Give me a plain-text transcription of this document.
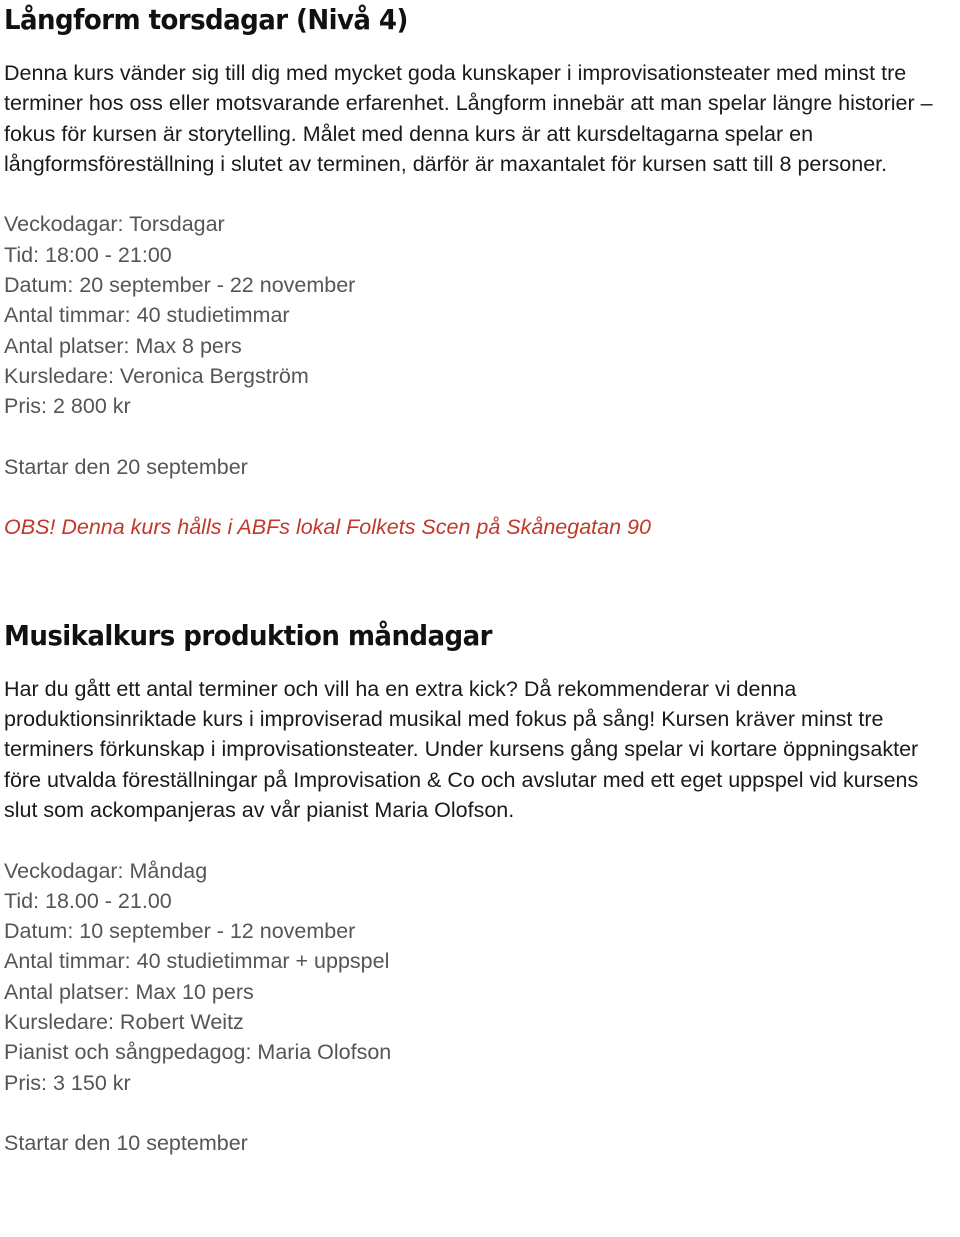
Långform torsdagar (Nivå 4)

Denna kurs vänder sig till dig med mycket goda kunskaper i improvisationsteater med minst tre terminer hos oss eller motsvarande erfarenhet. Långform innebär att man spelar längre historier – fokus för kursen är storytelling. Målet med denna kurs är att kursdeltagarna spelar en långformsföreställning i slutet av terminen, därför är maxantalet för kursen satt till 8 personer.

Veckodagar: Torsdagar
Tid: 18:00 - 21:00
Datum: 20 september - 22 november
Antal timmar: 40 studietimmar
Antal platser: Max 8 pers
Kursledare: Veronica Bergström
Pris: 2 800 kr
Startar den 20 september
OBS! Denna kurs hålls i ABFs lokal Folkets Scen på Skånegatan 90
Musikalkurs produktion måndagar

Har du gått ett antal terminer och vill ha en extra kick? Då rekommenderar vi denna produktionsinriktade kurs i improviserad musikal med fokus på sång! Kursen kräver minst tre terminers förkunskap i improvisationsteater. Under kursens gång spelar vi kortare öppningsakter före utvalda föreställningar på Improvisation & Co och avslutar med ett eget uppspel vid kursens slut som ackompanjeras av vår pianist Maria Olofson.

Veckodagar: Måndag
Tid: 18.00 - 21.00
Datum: 10 september - 12 november
Antal timmar: 40 studietimmar + uppspel
Antal platser: Max 10 pers
Kursledare: Robert Weitz
Pianist och sångpedagog: Maria Olofson
Pris: 3 150 kr
Startar den 10 september
